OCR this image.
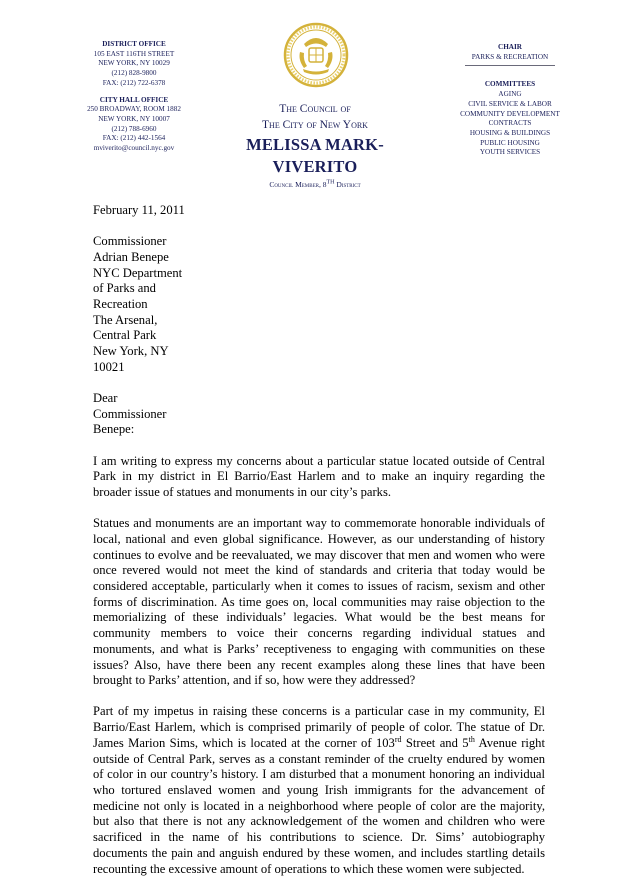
DISTRICT OFFICE
105 EAST 116TH STREET
NEW YORK, NY 10029
(212) 828-9800
FAX: (212) 722-6378
CITY HALL OFFICE
250 BROADWAY, ROOM 1882
NEW YORK, NY 10007
(212) 788-6960
FAX: (212) 442-1564
mviverito@council.nyc.gov
The Council of
The City of New York
MELISSA MARK-VIVERITO
Council Member, 8th District
CHAIR
PARKS & RECREATION
COMMITTEES
AGING
CIVIL SERVICE & LABOR
COMMUNITY DEVELOPMENT
CONTRACTS
HOUSING & BUILDINGS
PUBLIC HOUSING
YOUTH SERVICES

February 11, 2011

Commissioner Adrian Benepe
NYC Department of Parks and Recreation
The Arsenal, Central Park
New York, NY 10021

Dear Commissioner Benepe:

I am writing to express my concerns about a particular statue located outside of Central Park in my district in El Barrio/East Harlem and to make an inquiry regarding the broader issue of statues and monuments in our city’s parks.

Statues and monuments are an important way to commemorate honorable individuals of local, national and even global significance. However, as our understanding of history continues to evolve and be reevaluated, we may discover that men and women who were once revered would not meet the kind of standards and criteria that today would be considered acceptable, particularly when it comes to issues of racism, sexism and other forms of discrimination. As time goes on, local communities may raise objection to the memorializing of these individuals’ legacies. What would be the best means for community members to voice their concerns regarding individual statues and monuments, and what is Parks’ receptiveness to engaging with communities on these issues? Also, have there been any recent examples along these lines that have been brought to Parks’ attention, and if so, how were they addressed?

Part of my impetus in raising these concerns is a particular case in my community, El Barrio/East Harlem, which is comprised primarily of people of color. The statue of Dr. James Marion Sims, which is located at the corner of 103rd Street and 5th Avenue right outside of Central Park, serves as a constant reminder of the cruelty endured by women of color in our country’s history. I am disturbed that a monument honoring an individual who tortured enslaved women and young Irish immigrants for the advancement of medicine not only is located in a neighborhood where people of color are the majority, but also that there is not any acknowledgement of the women and children who were sacrificed in the name of his contributions to science. Dr. Sims’ autobiography documents the pain and anguish endured by these women, and includes startling details recounting the excessive amount of operations to which these women were subjected.
